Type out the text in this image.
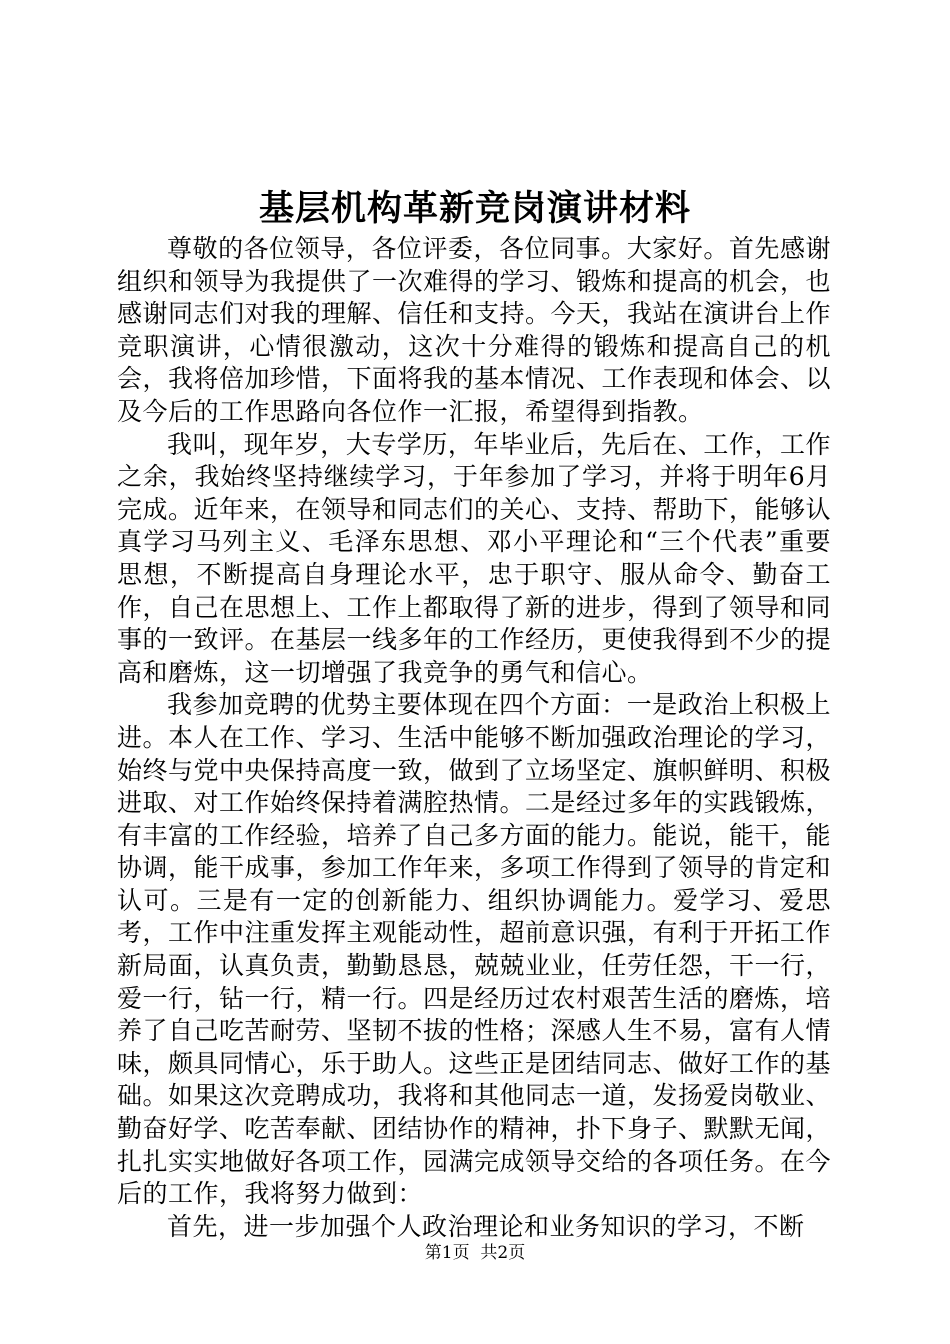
基层机构革新竞岗演讲材料

尊敬的各位领导，各位评委，各位同事。大家好。首先感谢组织和领导为我提供了一次难得的学习、锻炼和提高的机会，也感谢同志们对我的理解、信任和支持。今天，我站在演讲台上作竞职演讲，心情很激动，这次十分难得的锻炼和提高自己的机会，我将倍加珍惜，下面将我的基本情况、工作表现和体会、以及今后的工作思路向各位作一汇报，希望得到指教。

我叫，现年岁，大专学历，年毕业后，先后在、工作，工作之余，我始终坚持继续学习，于年参加了学习，并将于明年6月完成。近年来，在领导和同志们的关心、支持、帮助下，能够认真学习马列主义、毛泽东思想、邓小平理论和“三个代表”重要思想，不断提高自身理论水平，忠于职守、服从命令、勤奋工作，自己在思想上、工作上都取得了新的进步，得到了领导和同事的一致评。在基层一线多年的工作经历，更使我得到不少的提高和磨炼，这一切增强了我竞争的勇气和信心。

我参加竞聘的优势主要体现在四个方面：一是政治上积极上进。本人在工作、学习、生活中能够不断加强政治理论的学习，始终与党中央保持高度一致，做到了立场坚定、旗帜鲜明、积极进取、对工作始终保持着满腔热情。二是经过多年的实践锻炼，有丰富的工作经验，培养了自己多方面的能力。能说，能干，能协调，能干成事，参加工作年来，多项工作得到了领导的肯定和认可。三是有一定的创新能力、组织协调能力。爱学习、爱思考，工作中注重发挥主观能动性，超前意识强，有利于开拓工作新局面，认真负责，勤勤恳恳，兢兢业业，任劳任怨，干一行，爱一行，钻一行，精一行。四是经历过农村艰苦生活的磨炼，培养了自己吃苦耐劳、坚韧不拔的性格；深感人生不易，富有人情味，颇具同情心，乐于助人。这些正是团结同志、做好工作的基础。如果这次竞聘成功，我将和其他同志一道，发扬爱岗敬业、勤奋好学、吃苦奉献、团结协作的精神，扑下身子、默默无闻，扎扎实实地做好各项工作，园满完成领导交给的各项任务。在今后的工作，我将努力做到：

首先，进一步加强个人政治理论和业务知识的学习，不断

第1页  共2页
